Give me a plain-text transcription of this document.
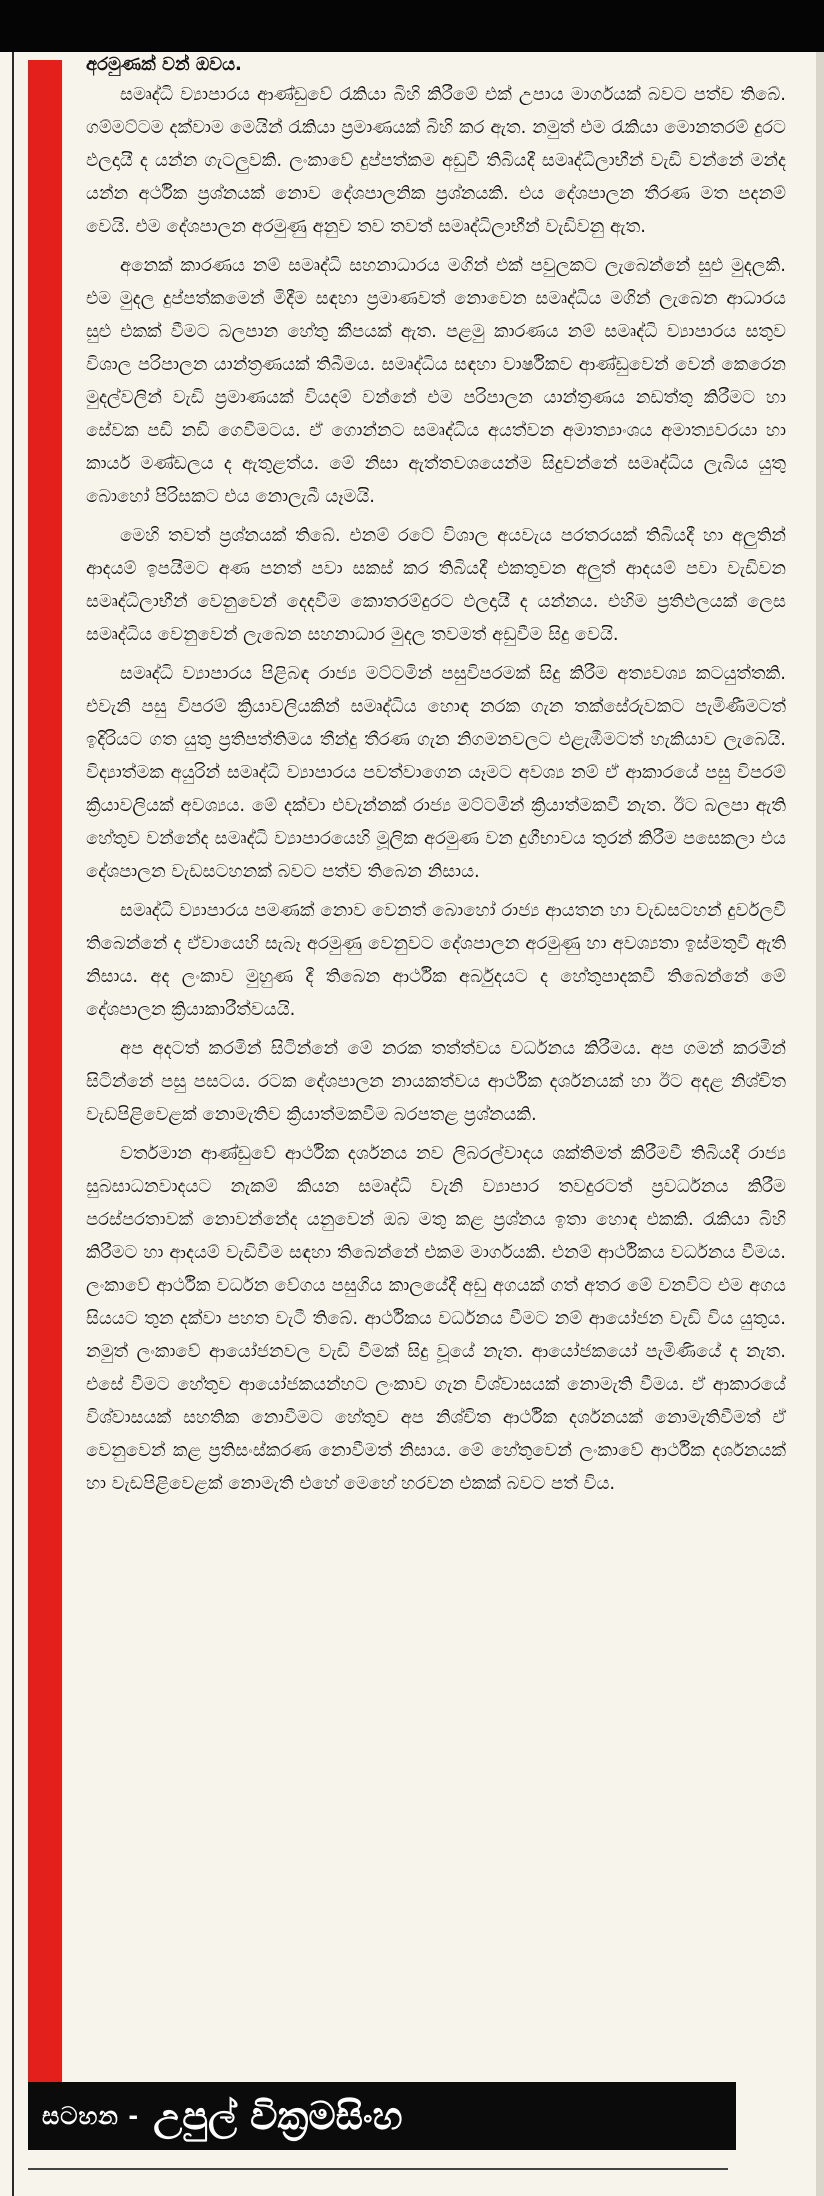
අරමුණක් වන් ඔවය.

සමෘද්ධි ව්‍යාපාරය ආණ්ඩුවේ රැකියා බිහි කිරීමේ එක් උපාය මාර්ගයක් බවට පත්ව තිබේ. ගම්මට්ටම දක්වාම මෙයින් රැකියා ප්‍රමාණයක් බිහි කර ඇත. නමුත් එම රැකියා මොනතරම් දුරට ඵලදායී ද යන්න ගැටලුවකි. ලංකාවේ දුප්පත්කම අඩුවී තිබියදී සමෘද්ධිලාභීන් වැඩි වන්නේ මන්ද යන්න අර්ථික ප්‍රශ්නයක් නොව දේශපාලනික ප්‍රශ්නයකි. එය දේශපාලන තීරණ මත පදනම් වෙයි. එම දේශපාලන අරමුණු අනුව තව තවත් සමෘද්ධිලාභීන් වැඩිවනු ඇත.

අනෙක් කාරණය නම් සමෘද්ධි සහනාධාරය මගින් එක් පවුලකට ලැබෙන්නේ සුළු මුදලකි. එම මුදල දුප්පත්කමෙන් මිදීම සඳහා ප්‍රමාණවත් නොවෙන සමෘද්ධිය මගින් ලැබෙන ආධාරය සුළු එකක් වීමට බලපාන හේතු කීපයක් ඇත. පළමු කාරණය නම් සමෘද්ධි ව්‍යාපාරය සතුව විශාල පරිපාලන යාන්ත්‍රණයක් තිබීමය. සමෘද්ධිය සඳහා වාර්ෂිකව ආණ්ඩුවෙන් වෙන් කෙරෙන මුදල්වලින් වැඩි ප්‍රමාණයක් වියදම් වන්නේ එම පරිපාලන යාන්ත්‍රණය නඩත්තු කිරීමට හා සේවක පඩි නඩි ගෙවීමටය. ඒ ගොන්නට සමෘද්ධිය අයත්වන අමාත්‍යාංශය අමාත්‍යවරයා හා කාර්ය මණ්ඩලය ද ඇතුළත්ය. මේ නිසා ඇත්තවශයෙන්ම සිදුවන්නේ සමෘද්ධිය ලැබිය යුතු බොහෝ පිරිසකට එය නොලැබී යෑමයි.

මෙහි තවත් ප්‍රශ්නයක් තිබේ. එනම් රටේ විශාල අයවැය පරතරයක් තිබියදී හා අලුතින් ආදයම් ඉපයීමට අණ පනත් පවා සකස් කර තිබියදී එකතුවන අලුත් ආදයම් පවා වැඩිවන සමෘද්ධිලාභීන් වෙනුවෙන් දෙදවීම කොතරම්දුරට ඵලදායී ද යන්නය. එහිම ප්‍රතිඵලයක් ලෙස සමෘද්ධිය වෙනුවෙන් ලැබෙන සහනාධාර මුදල තවමත් අඩුවීම සිදු වෙයි.

සමෘද්ධි ව්‍යාපාරය පිළිබඳ රාජ්‍ය මට්ටමින් පසුවිපරමක් සිදු කිරීම අත්‍යවශ්‍ය කටයුත්තකි. එවැනි පසු විපරම් ක්‍රියාවලියකින් සමෘද්ධිය හොඳ නරක ගැන තක්සේරුවකට පැමිණීමටත් ඉදිරියට ගත යුතු ප්‍රතිපත්තිමය තීන්දු තීරණ ගැන නිගමනවලට එළැඹීමටත් හැකියාව ලැබෙයි. විද්‍යාත්මක අයුරින් සමෘද්ධි ව්‍යාපාරය පවත්වාගෙන යෑමට අවශ්‍ය නම් ඒ ආකාරයේ පසු විපරම් ක්‍රියාවලියක් අවශ්‍යය. මේ දක්වා එවැන්නක් රාජ්‍ය මට්ටමින් ක්‍රියාත්මකවී නැත. ඊට බලපා ඇති හේතුව වන්නේද සමෘද්ධි ව්‍යාපාරයෙහි මූලික අරමුණ වන දුගීභාවය තුරන් කිරීම පසෙකලා එය දේශපාලන වැඩසටහනක් බවට පත්ව තිබෙන නිසාය.

සමෘද්ධි ව්‍යාපාරය පමණක් නොව වෙනත් බොහෝ රාජ්‍ය ආයතන හා වැඩසටහන් දුර්වලවී තිබෙන්නේ ද ඒවායෙහි සැබෑ අරමුණු වෙනුවට දේශපාලන අරමුණු හා අවශ්‍යතා ඉස්මතුවී ඇති නිසාය. අද ලංකාව මුහුණ දී තිබෙන ආර්ථික අර්බුදයට ද හේතුපාදකවී තිබෙන්නේ මේ දේශපාලන ක්‍රියාකාරීත්වයයි.

අප අදටත් කරමින් සිටින්නේ මේ නරක තත්ත්වය වර්ධනය කිරීමය. අප ගමන් කරමින් සිටින්නේ පසු පසටය. රටක දේශපාලන නායකත්වය ආර්ථික දර්ශනයක් හා ඊට අදළ නිශ්චිත වැඩපිළිවෙළක් නොමැතිව ක්‍රියාත්මකවීම බරපතළ ප්‍රශ්නයකි.

වර්තමාන ආණ්ඩුවේ ආර්ථික දර්ශනය නව ලිබරල්වාදය ශක්තිමත් කිරීමවී තිබියදී රාජ්‍ය සුබසාධනවාදයට නැකම් කියන සමෘද්ධි වැනි ව්‍යාපාර තවදුරටත් ප්‍රවර්ධනය කිරීම පරස්පරතාවක් නොවන්නේද යනුවෙන් ඔබ මතු කළ ප්‍රශ්නය ඉතා හොඳ එකකි. රැකියා බිහි කිරීමට හා ආදයම් වැඩිවීම සඳහා තිබෙන්නේ එකම මාර්ගයකි. එනම් ආර්ථිකය වර්ධනය වීමය. ලංකාවේ ආර්ථික වර්ධන වේගය පසුගිය කාලයේදී අඩු අගයක් ගත් අතර මේ වනවිට එම අගය සියයට තුන දක්වා පහත වැටී තිබේ. ආර්ථිකය වර්ධනය වීමට නම් ආයෝජන වැඩි විය යුතුය. නමුත් ලංකාවේ ආයෝජනවල වැඩි වීමක් සිදු වූයේ නැත. ආයෝජකයෝ පැමිණියේ ද නැත. එසේ වීමට හේතුව ආයෝජකයන්හට ලංකාව ගැන විශ්වාසයක් නොමැති වීමය. ඒ ආකාරයේ විශ්වාසයක් සහතික නොවීමට හේතුව අප නිශ්චිත ආර්ථික දර්ශනයක් නොමැතිවීමත් ඒ වෙනුවෙන් කළ ප්‍රතිසංස්කරණ නොවීමත් නිසාය. මේ හේතුවෙන් ලංකාවේ ආර්ථික දර්ශනයක් හා වැඩපිළිවෙළක් නොමැති එහේ මෙහේ හරවන එකක් බවට පත් විය.

සටහන - උපුල් වික්‍රමසිංහ
